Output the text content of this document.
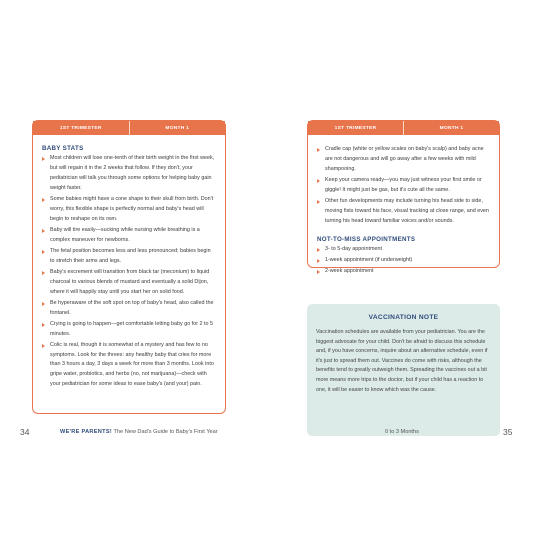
1ST TRIMESTER	MONTH 1
BABY STATS
Most children will lose one-tenth of their birth weight in the first week, but will regain it in the 2 weeks that follow. If they don't, your pediatrician will talk you through some options for helping baby gain weight faster.
Some babies might have a cone shape to their skull from birth. Don't worry, this flexible shape is perfectly normal and baby's head will begin to reshape on its own.
Baby will tire easily—sucking while nursing while breathing is a complex maneuver for newborns.
The fetal position becomes less and less pronounced; babies begin to stretch their arms and legs.
Baby's excrement will transition from black tar (meconium) to liquid charcoal to various blends of mustard and eventually a solid Dijon, where it will happily stay until you start her on solid food.
Be hyperaware of the soft spot on top of baby's head, also called the fontanel.
Crying is going to happen—get comfortable letting baby go for 2 to 5 minutes.
Colic is real, though it is somewhat of a mystery and has few to no symptoms. Look for the threes: any healthy baby that cries for more than 3 hours a day, 3 days a week for more than 3 months. Look into gripe water, probiotics, and herbs (no, not marijuana)—check with your pediatrician for some ideas to ease baby's (and your) pain.
1ST TRIMESTER	MONTH 1
Cradle cap (white or yellow scales on baby's scalp) and baby acne are not dangerous and will go away after a few weeks with mild shampooing.
Keep your camera ready—you may just witness your first smile or giggle! It might just be gas, but it's cute all the same.
Other fun developments may include turning his head side to side, moving fists toward his face, visual tracking at close range, and even turning his head toward familiar voices and/or sounds.
NOT-TO-MISS APPOINTMENTS
3- to 5-day appointment
1-week appointment (if underweight)
2-week appointment
VACCINATION NOTE

Vaccination schedules are available from your pediatrician. You are the biggest advocate for your child. Don't be afraid to discuss this schedule and, if you have concerns, inquire about an alternative schedule, even if it's just to spread them out. Vaccines do come with risks, although the benefits tend to greatly outweigh them. Spreading the vaccines out a bit more means more trips to the doctor, but if your child has a reaction to one, it will be easier to know which was the cause.

34	WE'RE PARENTS! The New Dad's Guide to Baby's First Year	0 to 3 Months	35
